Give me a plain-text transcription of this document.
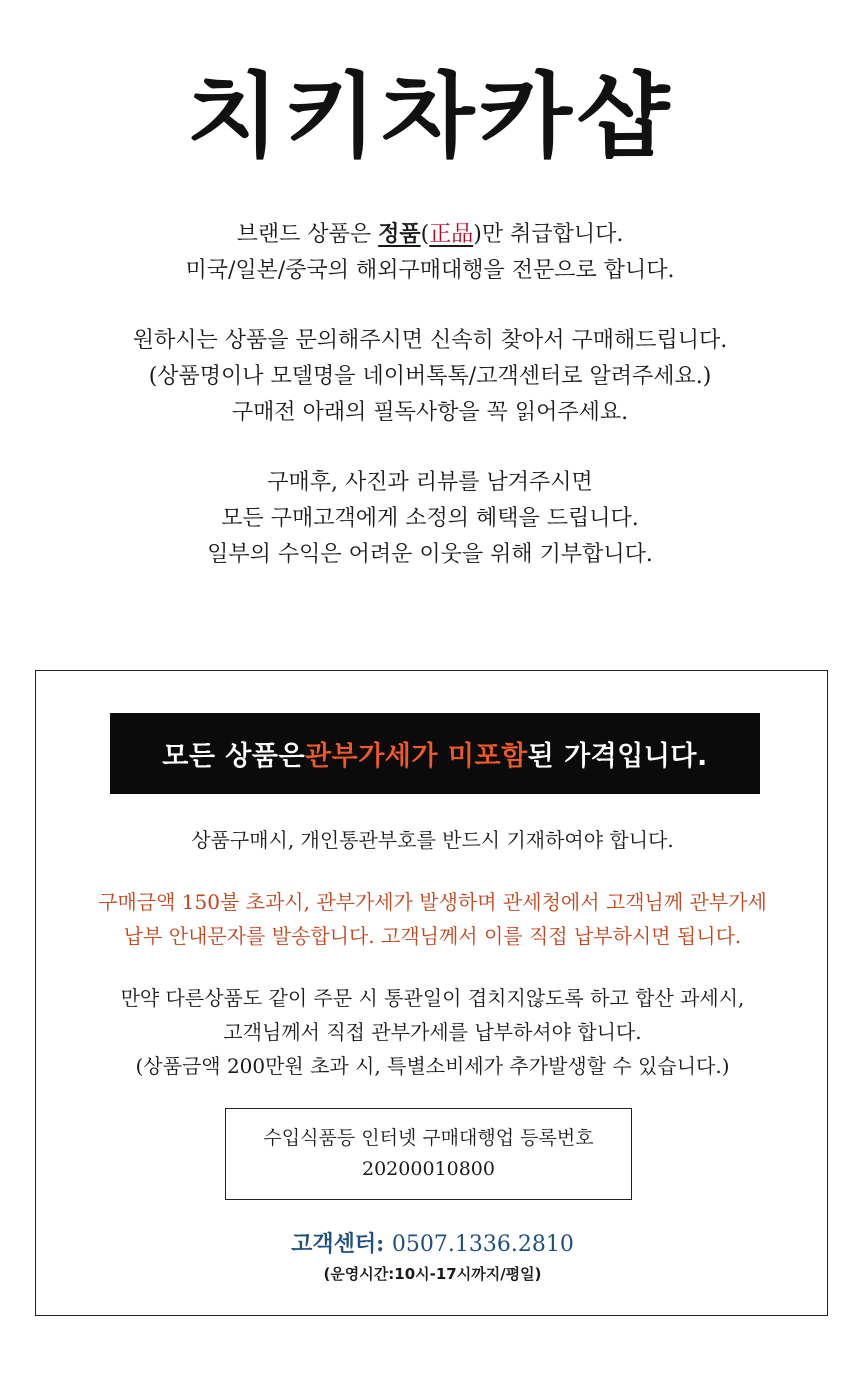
치키차카샵

브랜드 상품은 정품(正品)만 취급합니다.

미국/일본/중국의 해외구매대행을 전문으로 합니다.

원하시는 상품을 문의해주시면 신속히 찾아서 구매해드립니다.

(상품명이나 모델명을 네이버톡톡/고객센터로 알려주세요.)

구매전 아래의 필독사항을 꼭 읽어주세요.

구매후, 사진과 리뷰를 남겨주시면

모든 구매고객에게 소정의 혜택을 드립니다.

일부의 수익은 어려운 이웃을 위해 기부합니다.

모든 상품은 관부가세가 미포함 된 가격입니다.

상품구매시, 개인통관부호를 반드시 기재하여야 합니다.

구매금액 150불 초과시, 관부가세가 발생하며 관세청에서 고객님께 관부가세

납부 안내문자를 발송합니다. 고객님께서 이를 직접 납부하시면 됩니다.

만약 다른상품도 같이 주문 시 통관일이 겹치지않도록 하고 합산 과세시,

고객님께서 직접 관부가세를 납부하셔야 합니다.

(상품금액 200만원 초과 시, 특별소비세가 추가발생할 수 있습니다.)

수입식품등 인터넷 구매대행업 등록번호
20200010800
고객센터: 0507.1336.2810
(운영시간:10시-17시까지/평일)
